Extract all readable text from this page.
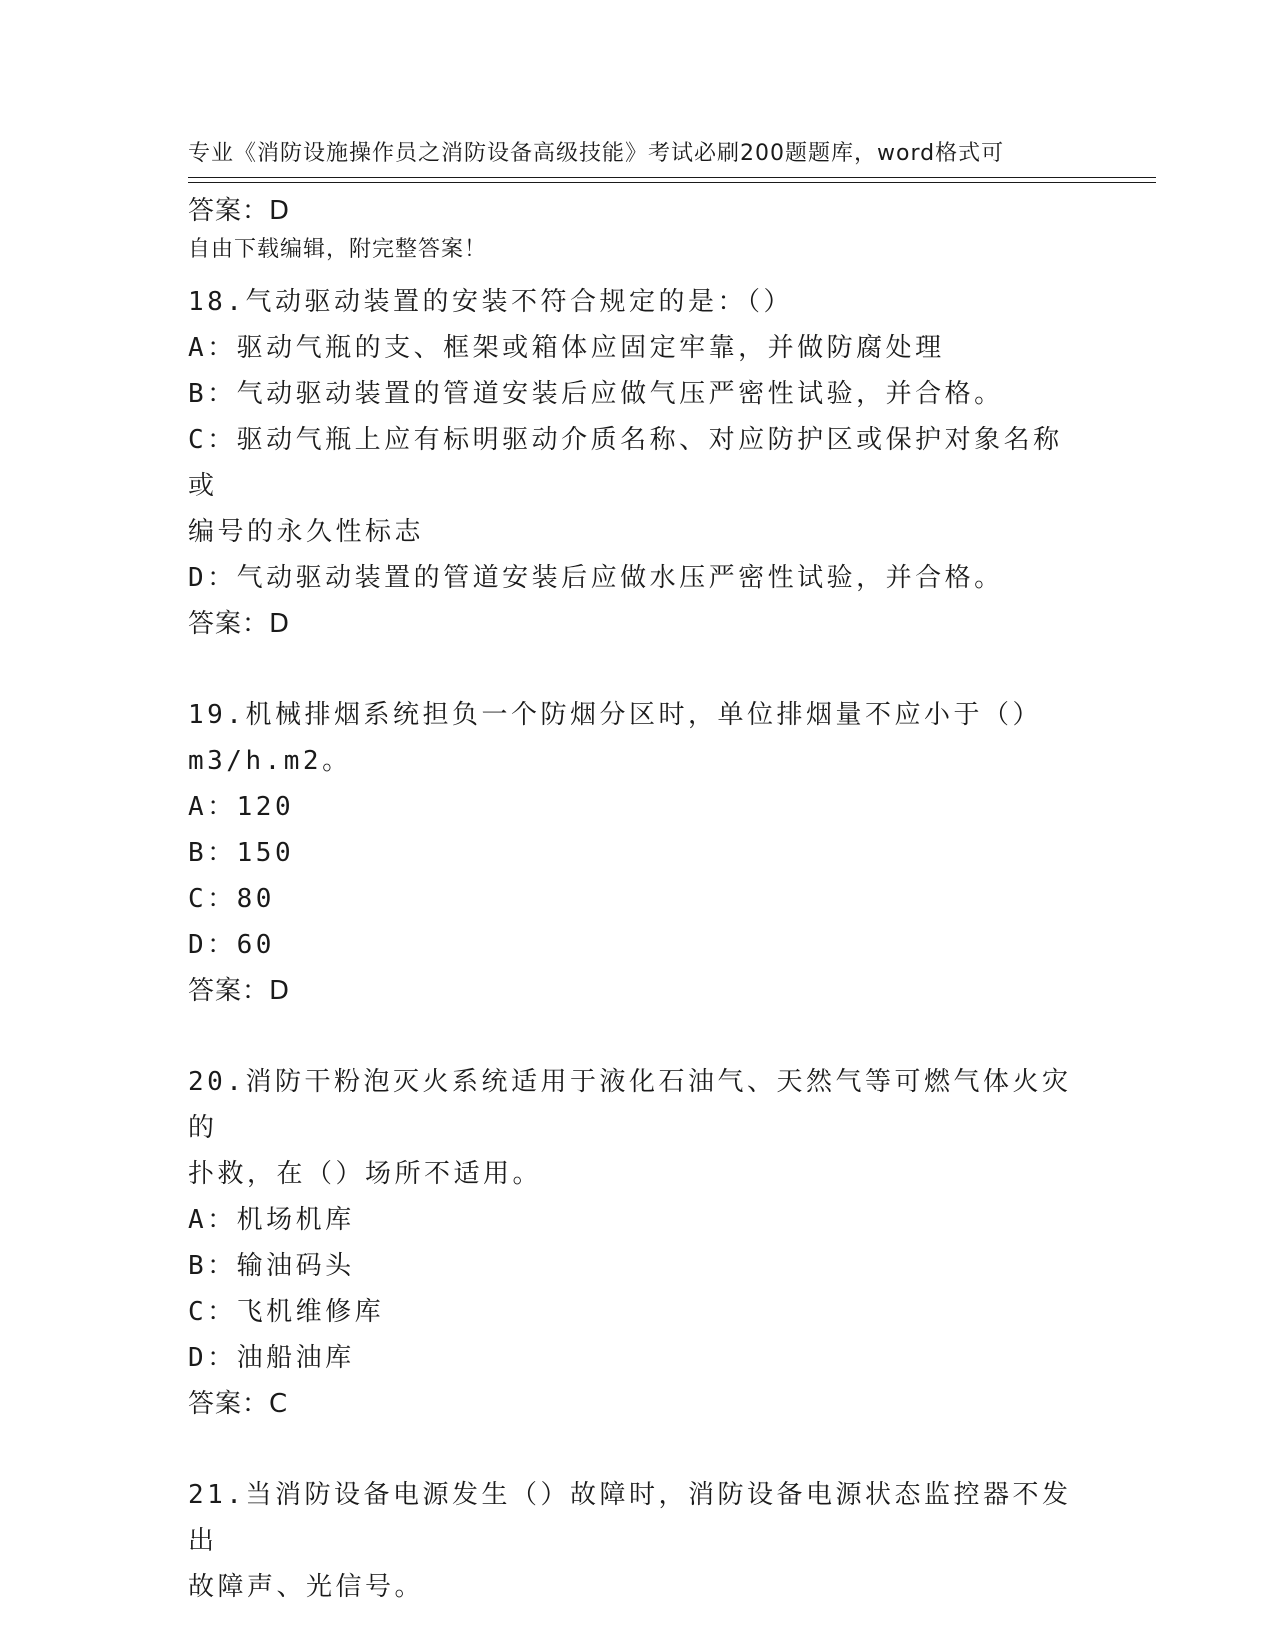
专业《消防设施操作员之消防设备高级技能》考试必刷200题题库，word格式可

自由下载编辑，附完整答案！

答案：D
18.气动驱动装置的安装不符合规定的是：（）
A：驱动气瓶的支、框架或箱体应固定牢靠，并做防腐处理
B：气动驱动装置的管道安装后应做气压严密性试验，并合格。
C：驱动气瓶上应有标明驱动介质名称、对应防护区或保护对象名称或
编号的永久性标志
D：气动驱动装置的管道安装后应做水压严密性试验，并合格。
答案：D
19.机械排烟系统担负一个防烟分区时，单位排烟量不应小于（）
m3/h.m2。
A：120
B：150
C：80
D：60
答案：D
20.消防干粉泡灭火系统适用于液化石油气、天然气等可燃气体火灾的
扑救，在（）场所不适用。
A：机场机库
B：输油码头
C：飞机维修库
D：油船油库
答案：C
21.当消防设备电源发生（）故障时，消防设备电源状态监控器不发出
故障声、光信号。
